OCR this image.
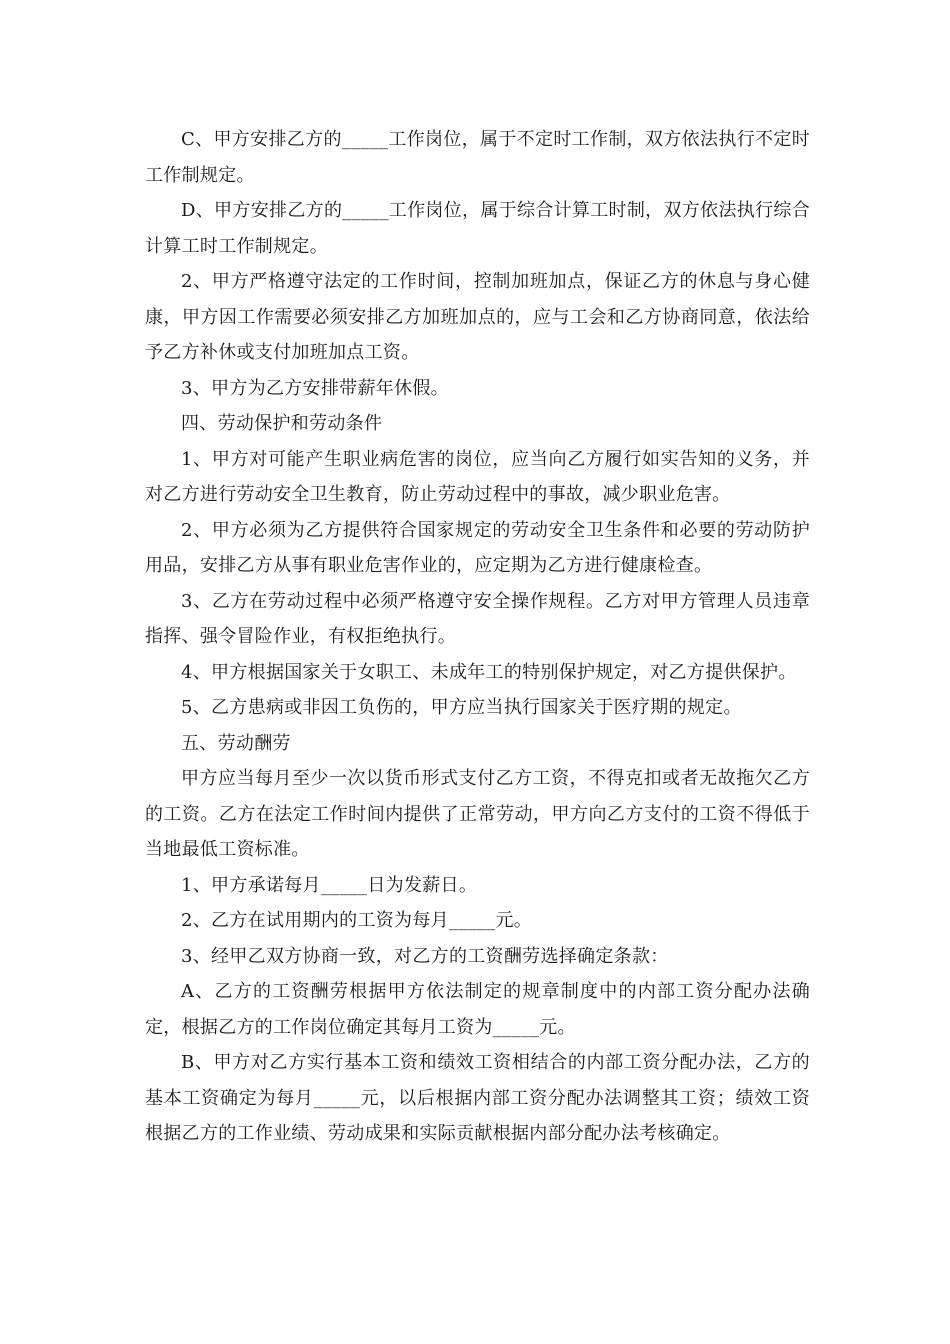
C、甲方安排乙方的_____工作岗位，属于不定时工作制，双方依法执行不定时工作制规定。

D、甲方安排乙方的_____工作岗位，属于综合计算工时制，双方依法执行综合计算工时工作制规定。

2、甲方严格遵守法定的工作时间，控制加班加点，保证乙方的休息与身心健康，甲方因工作需要必须安排乙方加班加点的，应与工会和乙方协商同意，依法给予乙方补休或支付加班加点工资。

3、甲方为乙方安排带薪年休假。

四、劳动保护和劳动条件

1、甲方对可能产生职业病危害的岗位，应当向乙方履行如实告知的义务，并对乙方进行劳动安全卫生教育，防止劳动过程中的事故，减少职业危害。

2、甲方必须为乙方提供符合国家规定的劳动安全卫生条件和必要的劳动防护用品，安排乙方从事有职业危害作业的，应定期为乙方进行健康检查。

3、乙方在劳动过程中必须严格遵守安全操作规程。乙方对甲方管理人员违章指挥、强令冒险作业，有权拒绝执行。

4、甲方根据国家关于女职工、未成年工的特别保护规定，对乙方提供保护。

5、乙方患病或非因工负伤的，甲方应当执行国家关于医疗期的规定。

五、劳动酬劳

甲方应当每月至少一次以货币形式支付乙方工资，不得克扣或者无故拖欠乙方的工资。乙方在法定工作时间内提供了正常劳动，甲方向乙方支付的工资不得低于当地最低工资标准。

1、甲方承诺每月_____日为发薪日。

2、乙方在试用期内的工资为每月_____元。

3、经甲乙双方协商一致，对乙方的工资酬劳选择确定条款：

A、乙方的工资酬劳根据甲方依法制定的规章制度中的内部工资分配办法确定，根据乙方的工作岗位确定其每月工资为_____元。

B、甲方对乙方实行基本工资和绩效工资相结合的内部工资分配办法，乙方的基本工资确定为每月_____元，以后根据内部工资分配办法调整其工资；绩效工资根据乙方的工作业绩、劳动成果和实际贡献根据内部分配办法考核确定。
